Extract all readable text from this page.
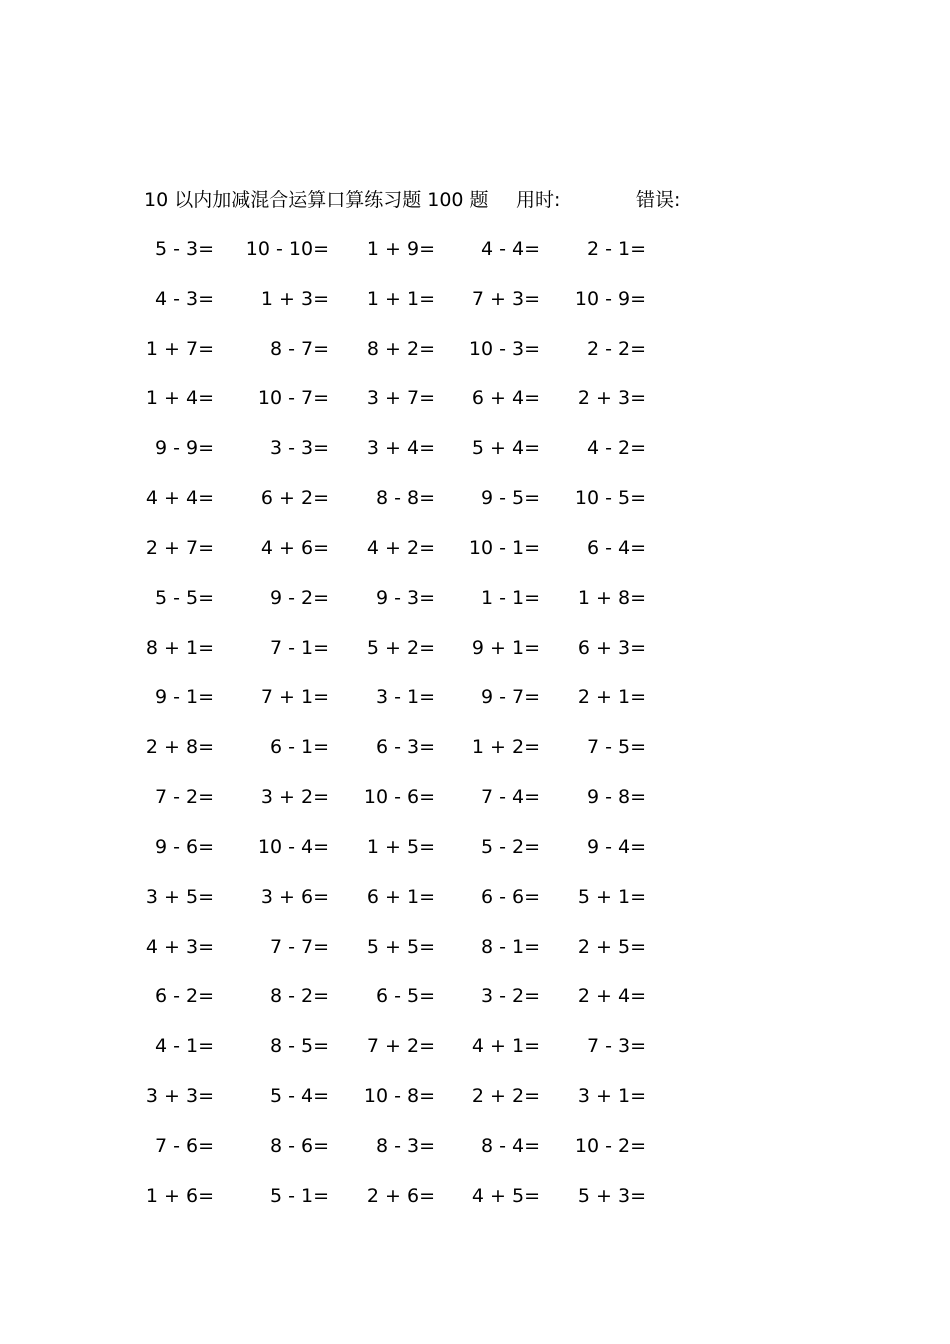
10 以内加减混合运算口算练习题 100 题 用时:	错误:
5 - 3=	10 - 10=	1 + 9=	4 - 4=	2 - 1=
4 - 3=	1 + 3=	1 + 1=	7 + 3=	10 - 9=
1 + 7=	8 - 7=	8 + 2=	10 - 3=	2 - 2=
1 + 4=	10 - 7=	3 + 7=	6 + 4=	2 + 3=
9 - 9=	3 - 3=	3 + 4=	5 + 4=	4 - 2=
4 + 4=	6 + 2=	8 - 8=	9 - 5=	10 - 5=
2 + 7=	4 + 6=	4 + 2=	10 - 1=	6 - 4=
5 - 5=	9 - 2=	9 - 3=	1 - 1=	1 + 8=
8 + 1=	7 - 1=	5 + 2=	9 + 1=	6 + 3=
9 - 1=	7 + 1=	3 - 1=	9 - 7=	2 + 1=
2 + 8=	6 - 1=	6 - 3=	1 + 2=	7 - 5=
7 - 2=	3 + 2=	10 - 6=	7 - 4=	9 - 8=
9 - 6=	10 - 4=	1 + 5=	5 - 2=	9 - 4=
3 + 5=	3 + 6=	6 + 1=	6 - 6=	5 + 1=
4 + 3=	7 - 7=	5 + 5=	8 - 1=	2 + 5=
6 - 2=	8 - 2=	6 - 5=	3 - 2=	2 + 4=
4 - 1=	8 - 5=	7 + 2=	4 + 1=	7 - 3=
3 + 3=	5 - 4=	10 - 8=	2 + 2=	3 + 1=
7 - 6=	8 - 6=	8 - 3=	8 - 4=	10 - 2=
1 + 6=	5 - 1=	2 + 6=	4 + 5=	5 + 3=
